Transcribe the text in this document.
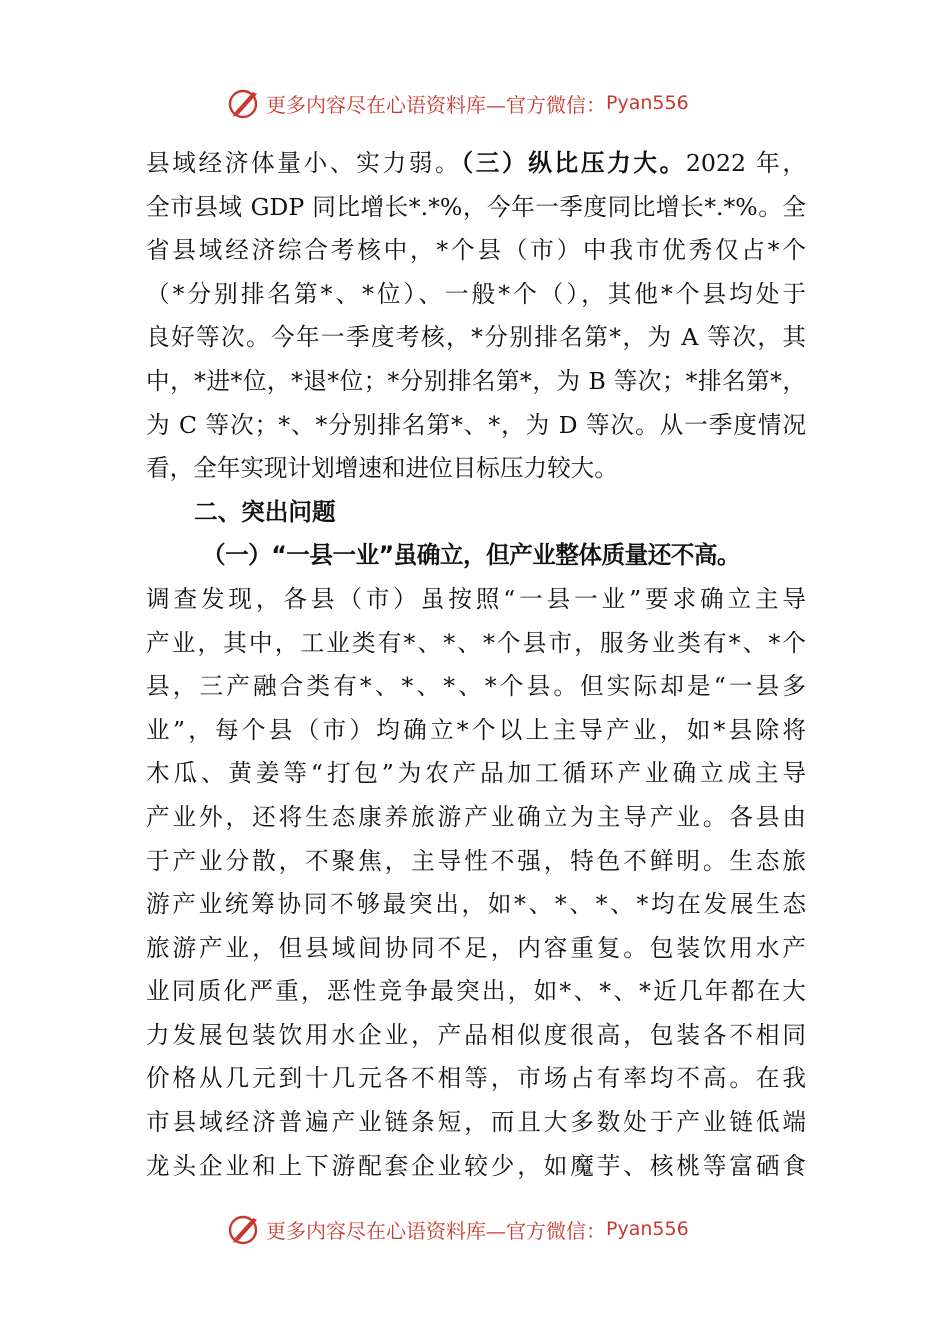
更多内容尽在心语资料库—官方微信： Pyan556
县域经济体量小、实力弱。（三）纵比压力大。2022 年，
全市县域 GDP 同比增长*.*%，今年一季度同比增长*.*%。全
省县域经济综合考核中，*个县（市）中我市优秀仅占*个
（*分别排名第*、*位）、一般*个（），其他*个县均处于
良好等次。今年一季度考核，*分别排名第*，为 A 等次，其
中，*进*位，*退*位；*分别排名第*，为 B 等次；*排名第*，
为 C 等次；*、*分别排名第*、*，为 D 等次。从一季度情况
看，全年实现计划增速和进位目标压力较大。
二、突出问题
（一）“一县一业”虽确立，但产业整体质量还不高。
调查发现，各县（市）虽按照“一县一业”要求确立主导
产业，其中，工业类有*、*、*个县市，服务业类有*、*个
县，三产融合类有*、*、*、*个县。但实际却是“一县多
业”，每个县（市）均确立*个以上主导产业，如*县除将
木瓜、黄姜等“打包”为农产品加工循环产业确立成主导
产业外，还将生态康养旅游产业确立为主导产业。各县由
于产业分散，不聚焦，主导性不强，特色不鲜明。生态旅
游产业统筹协同不够最突出，如*、*、*、*均在发展生态
旅游产业，但县域间协同不足，内容重复。包装饮用水产
业同质化严重，恶性竞争最突出，如*、*、*近几年都在大
力发展包装饮用水企业，产品相似度很高，包装各不相同
价格从几元到十几元各不相等，市场占有率均不高。在我
市县域经济普遍产业链条短，而且大多数处于产业链低端
龙头企业和上下游配套企业较少，如魔芋、核桃等富硒食
更多内容尽在心语资料库—官方微信： Pyan556
